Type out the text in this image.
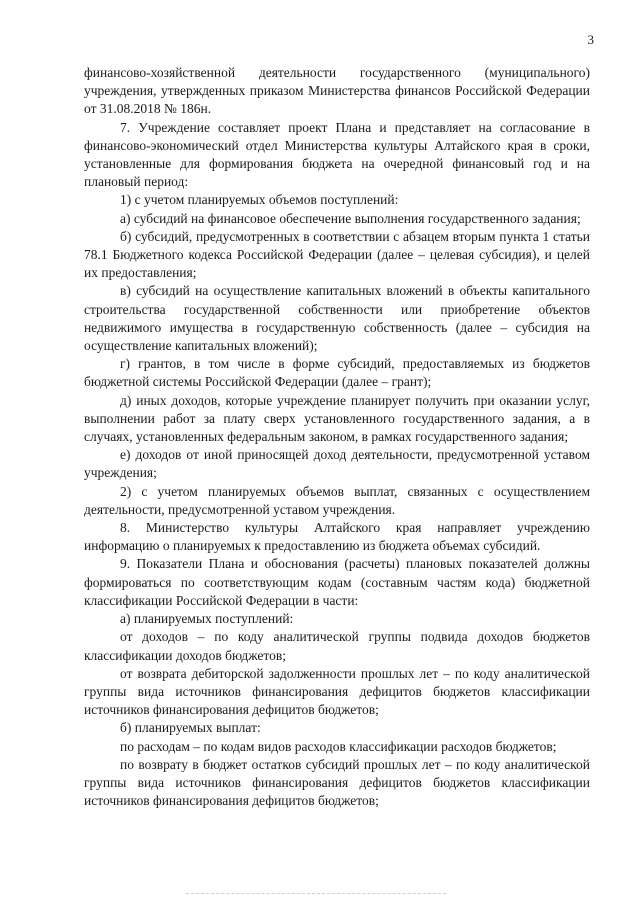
3

финансово-хозяйственной деятельности государственного (муниципального) учреждения, утвержденных приказом Министерства финансов Российской Федерации от 31.08.2018 № 186н.

7. Учреждение составляет проект Плана и представляет на согласование в финансово-экономический отдел Министерства культуры Алтайского края в сроки, установленные для формирования бюджета на очередной финансовый год и на плановый период:

1) с учетом планируемых объемов поступлений:

а) субсидий на финансовое обеспечение выполнения государственного задания;

б) субсидий, предусмотренных в соответствии с абзацем вторым пункта 1 статьи 78.1 Бюджетного кодекса Российской Федерации (далее – целевая субсидия), и целей их предоставления;

в) субсидий на осуществление капитальных вложений в объекты капитального строительства государственной собственности или приобретение объектов недвижимого имущества в государственную собственность (далее – субсидия на осуществление капитальных вложений);

г) грантов, в том числе в форме субсидий, предоставляемых из бюджетов бюджетной системы Российской Федерации (далее – грант);

д) иных доходов, которые учреждение планирует получить при оказании услуг, выполнении работ за плату сверх установленного государственного задания, а в случаях, установленных федеральным законом, в рамках государственного задания;

е) доходов от иной приносящей доход деятельности, предусмотренной уставом учреждения;

2) с учетом планируемых объемов выплат, связанных с осуществлением деятельности, предусмотренной уставом учреждения.

8. Министерство культуры Алтайского края направляет учреждению информацию о планируемых к предоставлению из бюджета объемах субсидий.

9. Показатели Плана и обоснования (расчеты) плановых показателей должны формироваться по соответствующим кодам (составным частям кода) бюджетной классификации Российской Федерации в части:

а) планируемых поступлений:

от доходов – по коду аналитической группы подвида доходов бюджетов классификации доходов бюджетов;

от возврата дебиторской задолженности прошлых лет – по коду аналитической группы вида источников финансирования дефицитов бюджетов классификации источников финансирования дефицитов бюджетов;

б) планируемых выплат:

по расходам – по кодам видов расходов классификации расходов бюджетов;

по возврату в бюджет остатков субсидий прошлых лет – по коду аналитической группы вида источников финансирования дефицитов бюджетов классификации источников финансирования дефицитов бюджетов;
